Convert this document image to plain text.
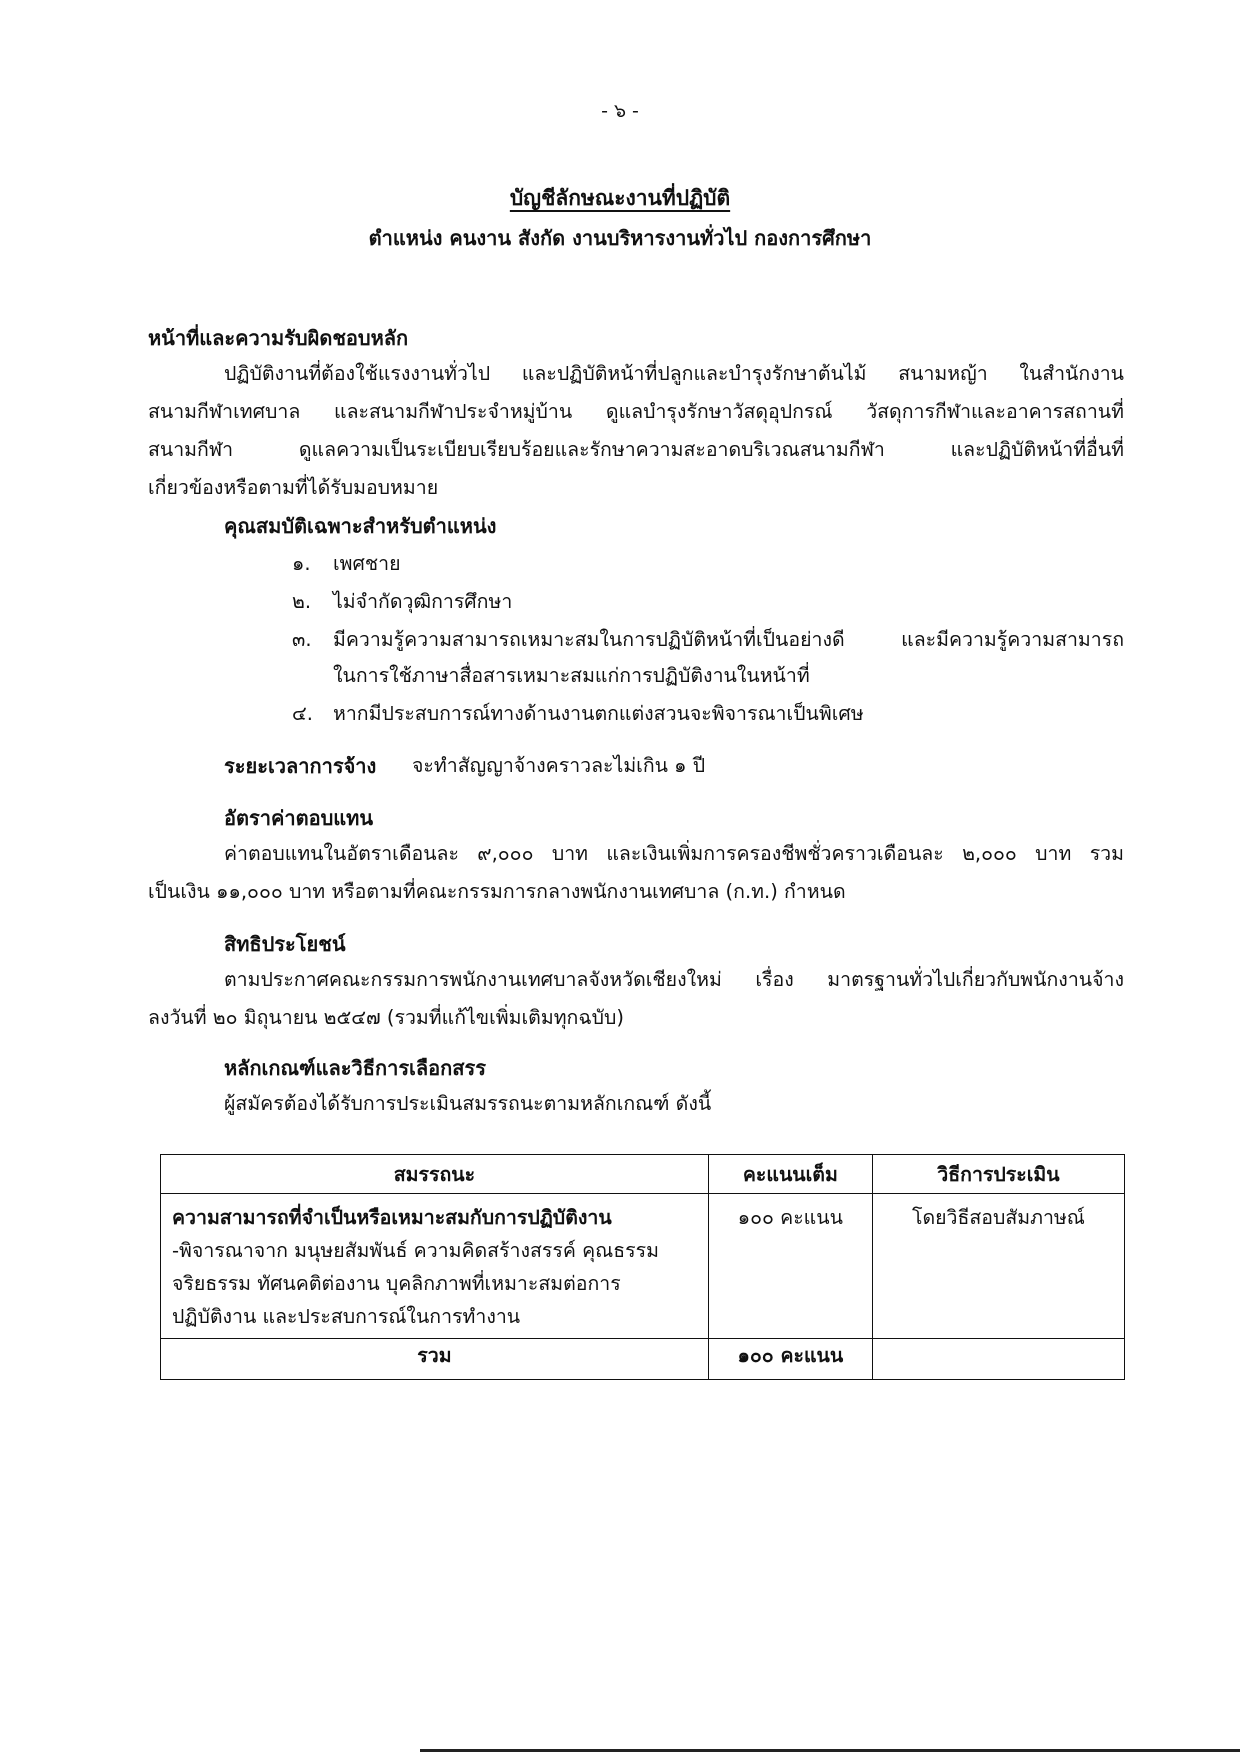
- ๖ -
บัญชีลักษณะงานที่ปฏิบัติ
ตำแหน่ง คนงาน สังกัด งานบริหารงานทั่วไป กองการศึกษา
หน้าที่และความรับผิดชอบหลัก
ปฏิบัติงานที่ต้องใช้แรงงานทั่วไป และปฏิบัติหน้าที่ปลูกและบำรุงรักษาต้นไม้ สนามหญ้า ในสำนักงาน
สนามกีฬาเทศบาล และสนามกีฬาประจำหมู่บ้าน ดูแลบำรุงรักษาวัสดุอุปกรณ์ วัสดุการกีฬาและอาคารสถานที่
สนามกีฬา ดูแลความเป็นระเบียบเรียบร้อยและรักษาความสะอาดบริเวณสนามกีฬา และปฏิบัติหน้าที่อื่นที่
เกี่ยวข้องหรือตามที่ได้รับมอบหมาย
คุณสมบัติเฉพาะสำหรับตำแหน่ง
๑. เพศชาย
๒. ไม่จำกัดวุฒิการศึกษา
๓. มีความรู้ความสามารถเหมาะสมในการปฏิบัติหน้าที่เป็นอย่างดี และมีความรู้ความสามารถ
ในการใช้ภาษาสื่อสารเหมาะสมแก่การปฏิบัติงานในหน้าที่
๔. หากมีประสบการณ์ทางด้านงานตกแต่งสวนจะพิจารณาเป็นพิเศษ
ระยะเวลาการจ้าง จะทำสัญญาจ้างคราวละไม่เกิน ๑ ปี
อัตราค่าตอบแทน
ค่าตอบแทนในอัตราเดือนละ ๙,๐๐๐ บาท และเงินเพิ่มการครองชีพชั่วคราวเดือนละ ๒,๐๐๐ บาท รวม
เป็นเงิน ๑๑,๐๐๐ บาท หรือตามที่คณะกรรมการกลางพนักงานเทศบาล (ก.ท.) กำหนด
สิทธิประโยชน์
ตามประกาศคณะกรรมการพนักงานเทศบาลจังหวัดเชียงใหม่ เรื่อง มาตรฐานทั่วไปเกี่ยวกับพนักงานจ้าง
ลงวันที่ ๒๐ มิถุนายน ๒๕๔๗ (รวมที่แก้ไขเพิ่มเติมทุกฉบับ)
หลักเกณฑ์และวิธีการเลือกสรร
ผู้สมัครต้องได้รับการประเมินสมรรถนะตามหลักเกณฑ์ ดังนี้
สมรรถนะ	คะแนนเต็ม	วิธีการประเมิน

ความสามารถที่จำเป็นหรือเหมาะสมกับการปฏิบัติงาน
-พิจารณาจาก มนุษยสัมพันธ์ ความคิดสร้างสรรค์ คุณธรรม
จริยธรรม ทัศนคติต่องาน บุคลิกภาพที่เหมาะสมต่อการ
ปฏิบัติงาน และประสบการณ์ในการทำงาน	๑๐๐ คะแนน	โดยวิธีสอบสัมภาษณ์

รวม	๑๐๐ คะแนน	
